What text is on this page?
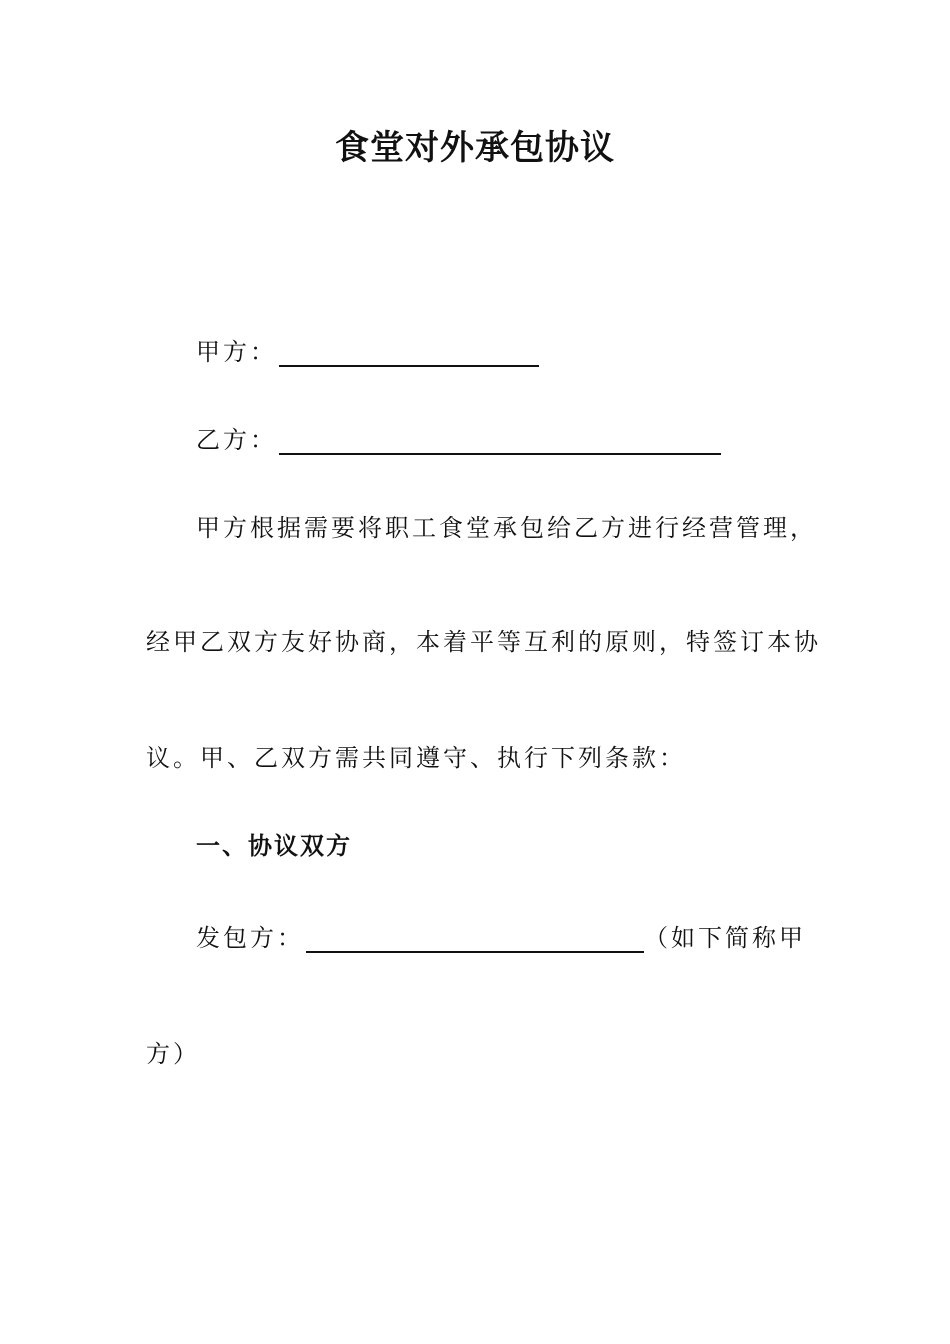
食堂对外承包协议
甲方：
乙方：
甲方根据需要将职工食堂承包给乙方进行经营管理，
经甲乙双方友好协商，本着平等互利的原则，特签订本协
议。甲、乙双方需共同遵守、执行下列条款：
一、协议双方
发包方：	（如下简称甲
方）
